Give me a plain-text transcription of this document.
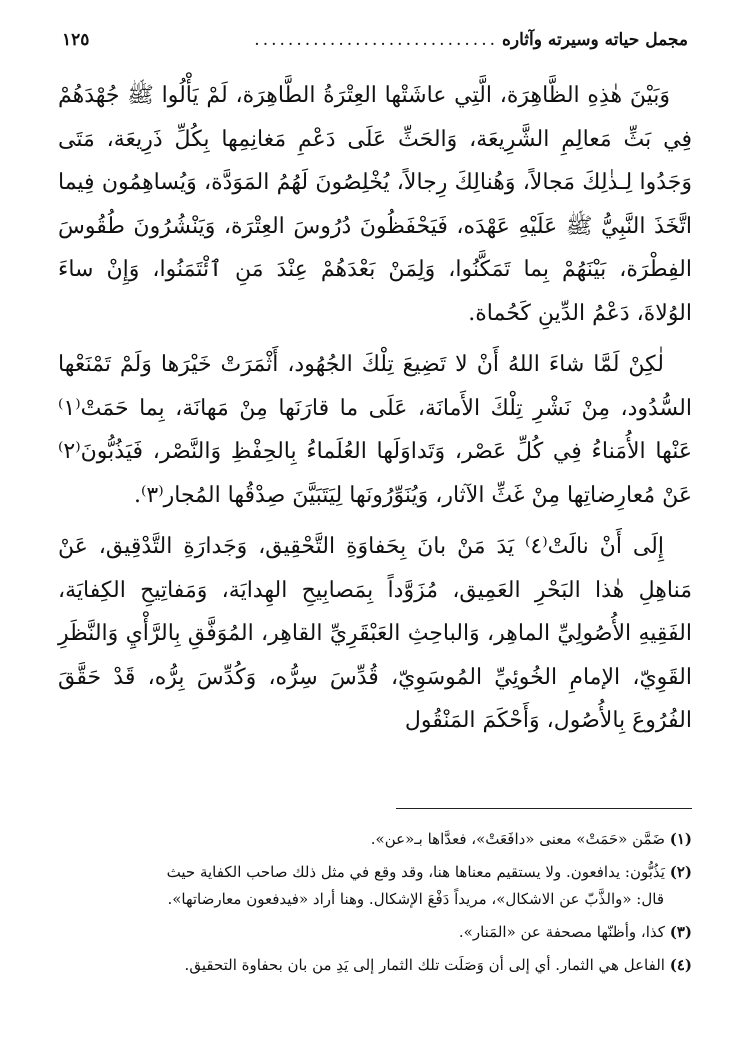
مجمل حياته وسيرته وآثاره
.............................
١٢٥

وَبَيْنَ هٰذِهِ الظَّاهِرَة، الَّتِي عاشَتْها العِتْرَةُ الطَّاهِرَة، لَمْ يَأْلُوا ﷺ جُهْدَهُمْ فِي بَثِّ مَعالِمِ الشَّرِيعَة، وَالحَثِّ عَلَى دَعْمِ مَغانِمِها بِكُلِّ ذَرِيعَة، مَتَى وَجَدُوا لِـذٰلِكَ مَجالاً، وَهُنالِكَ رِجالاً، يُخْلِصُونَ لَهُمُ المَوَدَّة، وَيُساهِمُون فِيما اتَّخَذَ النَّبِيُّ ﷺ عَلَيْهِ عَهْدَه، فَيَحْفَظُونَ دُرُوسَ العِتْرَة، وَيَنْشُرُونَ طُقُوسَ الفِطْرَة، بَيْنَهُمْ بِما تَمَكَّنُوا، وَلِمَنْ بَعْدَهُمْ عِنْدَ مَنِ ٱئْتَمَنُوا، وَإِنْ ساءَ الوُلاةَ، دَعْمُ الدِّينِ كَحُماة.

لٰكِنْ لَمَّا شاءَ اللهُ أَنْ لا تَضِيعَ تِلْكَ الجُهُود، أَثْمَرَتْ خَيْرَها وَلَمْ تَمْنَعْها السُّدُود، مِنْ نَشْرِ تِلْكَ الأَمانَة، عَلَى ما قارَنَها مِنْ مَهانَة، بِما حَمَتْ⁽١⁾ عَنْها الأُمَناءُ فِي كُلِّ عَصْر، وَتَداوَلَها العُلَماءُ بِالحِفْظِ وَالنَّصْر، فَيَذُبُّونَ⁽٢⁾ عَنْ مُعارِضاتِها مِنْ غَثِّ الآثار، وَيُنَوِّرُونَها لِيَتَبَيَّنَ صِدْقُها المُجار⁽٣⁾.

إِلَى أَنْ نالَتْ⁽٤⁾ يَدَ مَنْ بانَ بِحَفاوَةِ التَّحْقِيق، وَجَدارَةِ التَّدْقِيق، عَنْ مَناهِلِ هٰذا البَحْرِ العَمِيق، مُزَوَّداً بِمَصابِيحِ الهِدايَة، وَمَفاتِيحِ الكِفايَة، الفَقِيهِ الأُصُولِيِّ الماهِر، وَالباحِثِ العَبْقَرِيِّ القاهِر، المُوَفَّقِ بِالرَّأْيِ وَالنَّظَرِ القَوِيّ، الإمامِ الخُوئِيِّ المُوسَوِيّ، قُدِّسَ سِرُّه، وَكُدِّسَ بِرُّه، قَدْ حَقَّقَ الفُرُوعَ بِالأُصُول، وَأَحْكَمَ المَنْقُول

(١) ضَمَّن «حَمَتْ» معنى «دافَعَتْ»، فعدَّاها بـ«عن».

(٢) يَذُبُّون: يدافعون. ولا يستقيم معناها هنا، وقد وقع في مثل ذلك صاحب الكفاية حيث
قال: «والذَّبّ عن الاشكال»، مريداً دَفْعَ الإشكال. وهنا أراد «فيدفعون معارضاتها».

(٣) كذا، وأظنّها مصحفة عن «المَنار».

(٤) الفاعل هي الثمار. أي إلى أن وَصَلَت تلك الثمار إلى يَدِ من بان بحفاوة التحقيق.
